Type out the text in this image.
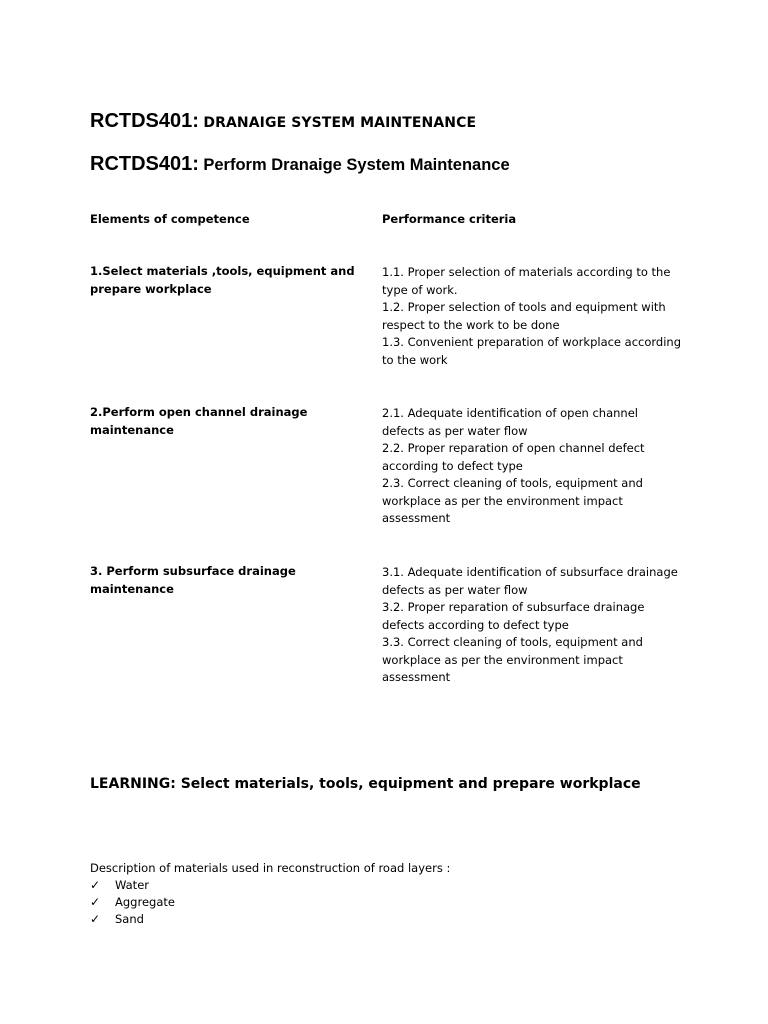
RCTDS401: DRANAIGE SYSTEM MAINTENANCE
RCTDS401: Perform Dranaige System Maintenance
Elements of competence	Performance criteria
1.Select materials ,tools, equipment and prepare workplace
1.1. Proper selection of materials according to the type of work.
1.2. Proper selection of tools and equipment with respect to the work to be done
1.3. Convenient preparation of workplace according to the work
2.Perform open channel drainage maintenance
2.1. Adequate identification of open channel defects as per water flow
2.2. Proper reparation of open channel defect according to defect type
2.3. Correct cleaning of tools, equipment and workplace as per the environment impact assessment
3. Perform subsurface drainage maintenance
3.1. Adequate identification of subsurface drainage defects as per water flow
3.2. Proper reparation of subsurface drainage defects according to defect type
3.3. Correct cleaning of tools, equipment and workplace as per the environment impact assessment
LEARNING: Select materials, tools, equipment and prepare workplace
Description of materials used in reconstruction of road layers :
✓ Water
✓ Aggregate
✓ Sand
